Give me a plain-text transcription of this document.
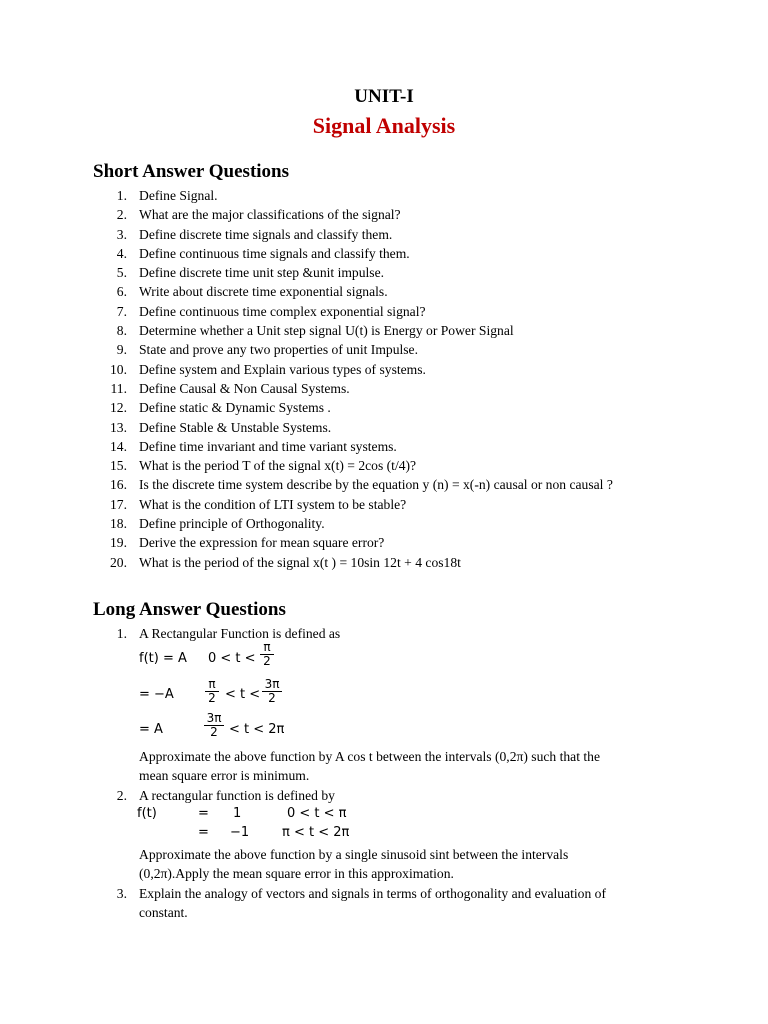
UNIT-I
Signal Analysis
Short Answer Questions
1. Define Signal.
2. What are the major classifications of the signal?
3. Define discrete time signals and classify them.
4. Define continuous time signals and classify them.
5. Define discrete time unit step &unit impulse.
6. Write about discrete time exponential signals.
7. Define continuous time complex exponential signal?
8. Determine whether a Unit step signal U(t) is Energy or Power Signal
9. State and prove any two properties of unit Impulse.
10. Define system and Explain various types of systems.
11. Define Causal & Non Causal Systems.
12. Define static & Dynamic Systems .
13. Define Stable & Unstable Systems.
14. Define time invariant and time variant systems.
15. What is the period T of the signal x(t) = 2cos (t/4)?
16. Is the discrete time system describe by the equation y (n) = x(-n) causal or non causal ?
17. What is the condition of LTI system to be stable?
18. Define principle of Orthogonality.
19. Derive the expression for mean square error?
20. What is the period of the signal x(t ) = 10sin 12t + 4 cos18t
Long Answer Questions
1. A Rectangular Function is defined as
f(t) = A 0 < t <
π
2
= −A
π
2 < t <
3π
2
= A
3π
2 < t < 2π
Approximate the above function by A cos t between the intervals (0,2π) such that the
mean square error is minimum.
2. A rectangular function is defined by
f(t)	= 1	0 < t < π
= −1	π < t < 2π
Approximate the above function by a single sinusoid sint between the intervals
(0,2π).Apply the mean square error in this approximation.
3. Explain the analogy of vectors and signals in terms of orthogonality and evaluation of
constant.
